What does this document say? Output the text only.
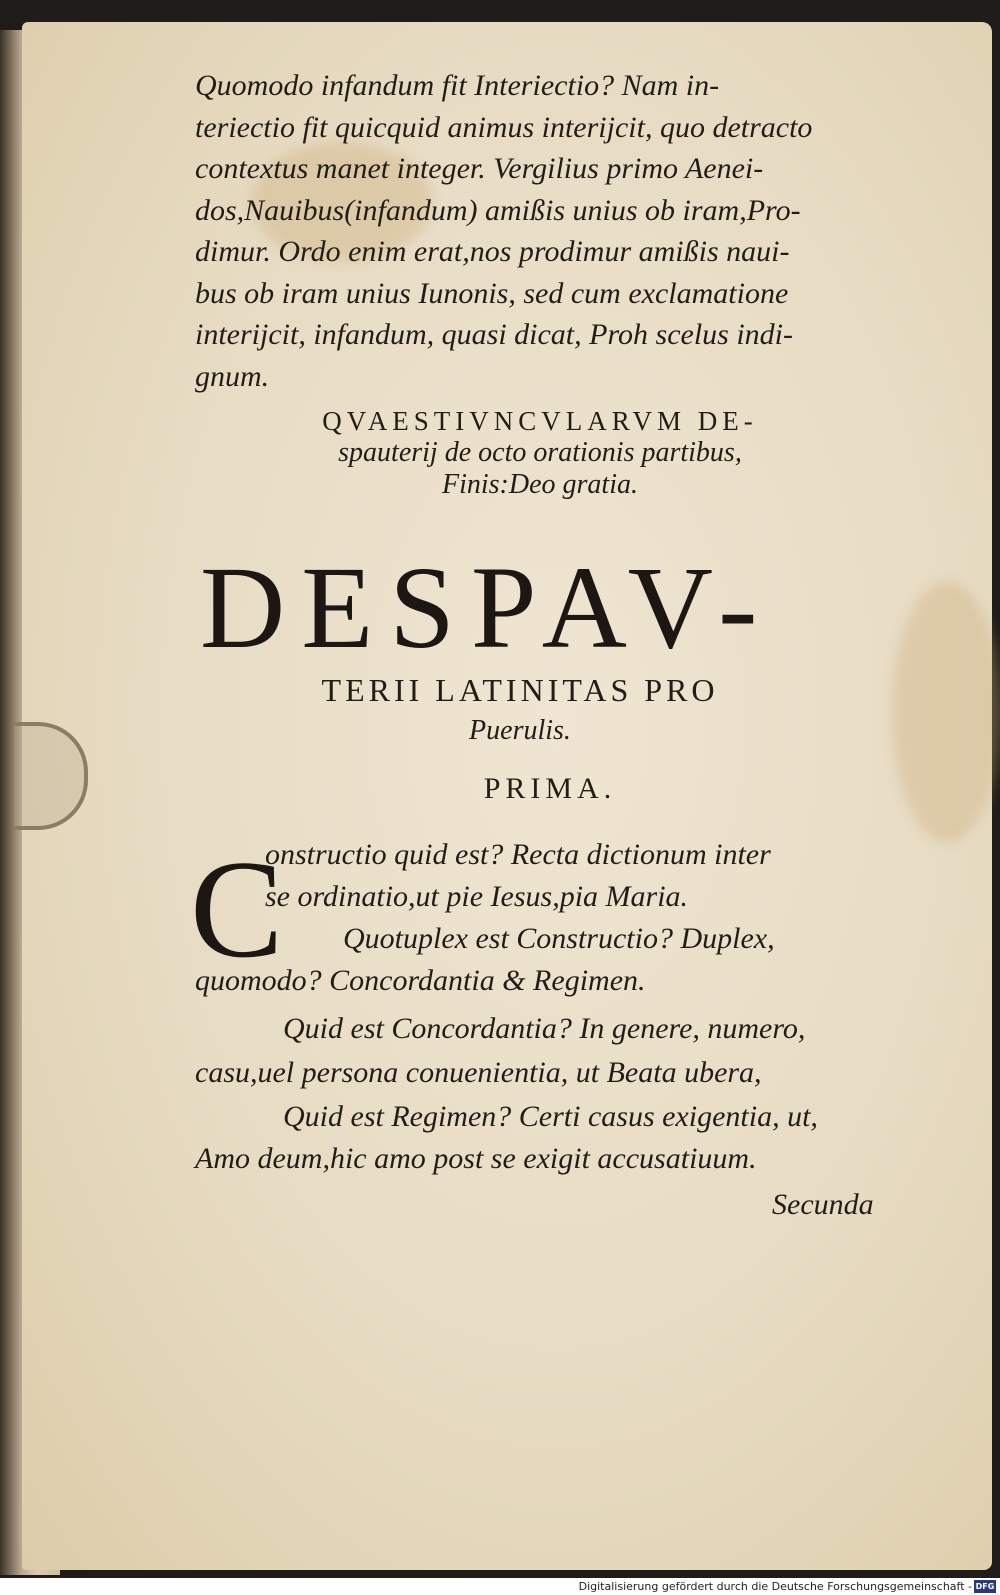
Quomodo infandum fit Interiectio? Nam in-
teriectio fit quicquid animus interijcit, quo detracto
contextus manet integer. Vergilius primo Aenei-
dos,Nauibus(infandum) amißis unius ob iram,Pro-
dimur. Ordo enim erat,nos prodimur amißis naui-
bus ob iram unius Iunonis, sed cum exclamatione
interijcit, infandum, quasi dicat, Proh scelus indi-
gnum.
QVAESTIVNCVLARVM DE-
spauterij de octo orationis partibus,
Finis:Deo gratia.
DESPAV-
TERII LATINITAS PRO
Puerulis.
PRIMA.
C
onstructio quid est? Recta dictionum inter
se ordinatio,ut pie Iesus,pia Maria.
Quotuplex est Constructio? Duplex,
quomodo? Concordantia & Regimen.
Quid est Concordantia? In genere, numero,
casu,uel persona conuenientia, ut Beata ubera,
Quid est Regimen? Certi casus exigentia, ut,
Amo deum,hic amo post se exigit accusatiuum.
Secunda
Digitalisierung gefördert durch die Deutsche Forschungsgemeinschaft - DFG
